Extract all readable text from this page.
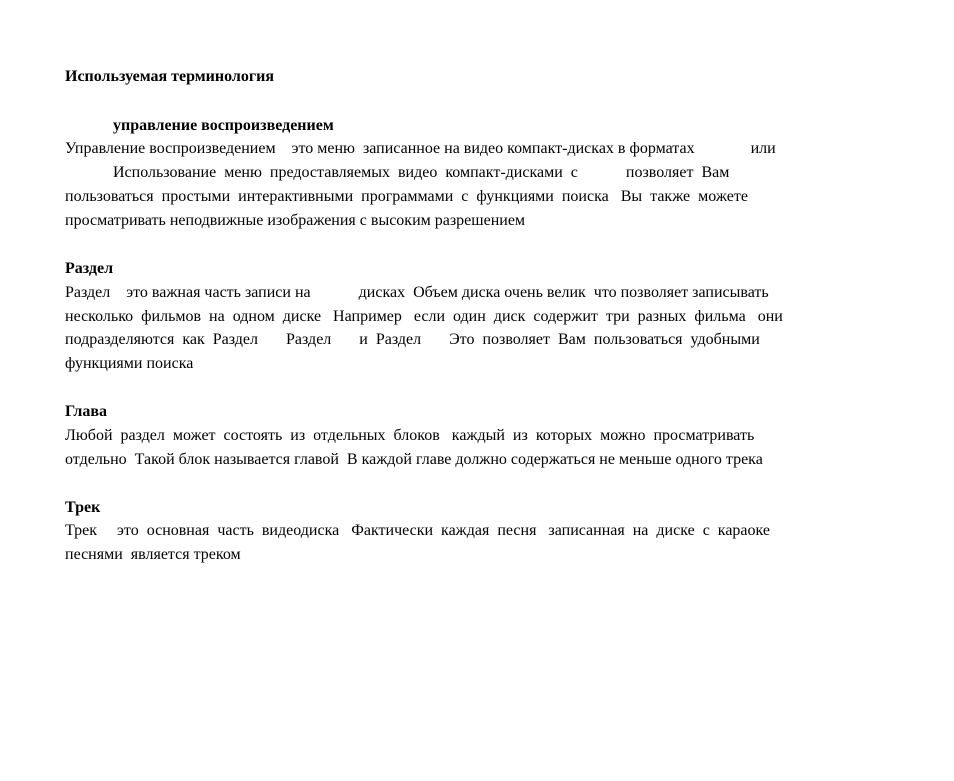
Используемая терминология
управление воспроизведением
Управление воспроизведением    это меню  записанное на видео компакт-дисках в форматах              или
Использование  меню  предоставляемых  видео  компакт-дисками  с            позволяет  Вам
пользоваться  простыми  интерактивными  программами  с  функциями  поиска   Вы  также  можете
просматривать неподвижные изображения с высоким разрешением
Раздел
Раздел    это важная часть записи на            дисках  Объем диска очень велик  что позволяет записывать
несколько  фильмов  на  одном  диске   Например   если  один  диск  содержит  три  разных  фильма   они
подразделяются  как  Раздел       Раздел       и  Раздел       Это  позволяет  Вам  пользоваться  удобными
функциями поиска
Глава
Любой  раздел  может  состоять  из  отдельных  блоков   каждый  из  которых  можно  просматривать
отдельно  Такой блок называется главой  В каждой главе должно содержаться не меньше одного трека
Трек
Трек     это  основная  часть  видеодиска   Фактически  каждая  песня   записанная  на  диске  с  караоке
песнями  является треком
